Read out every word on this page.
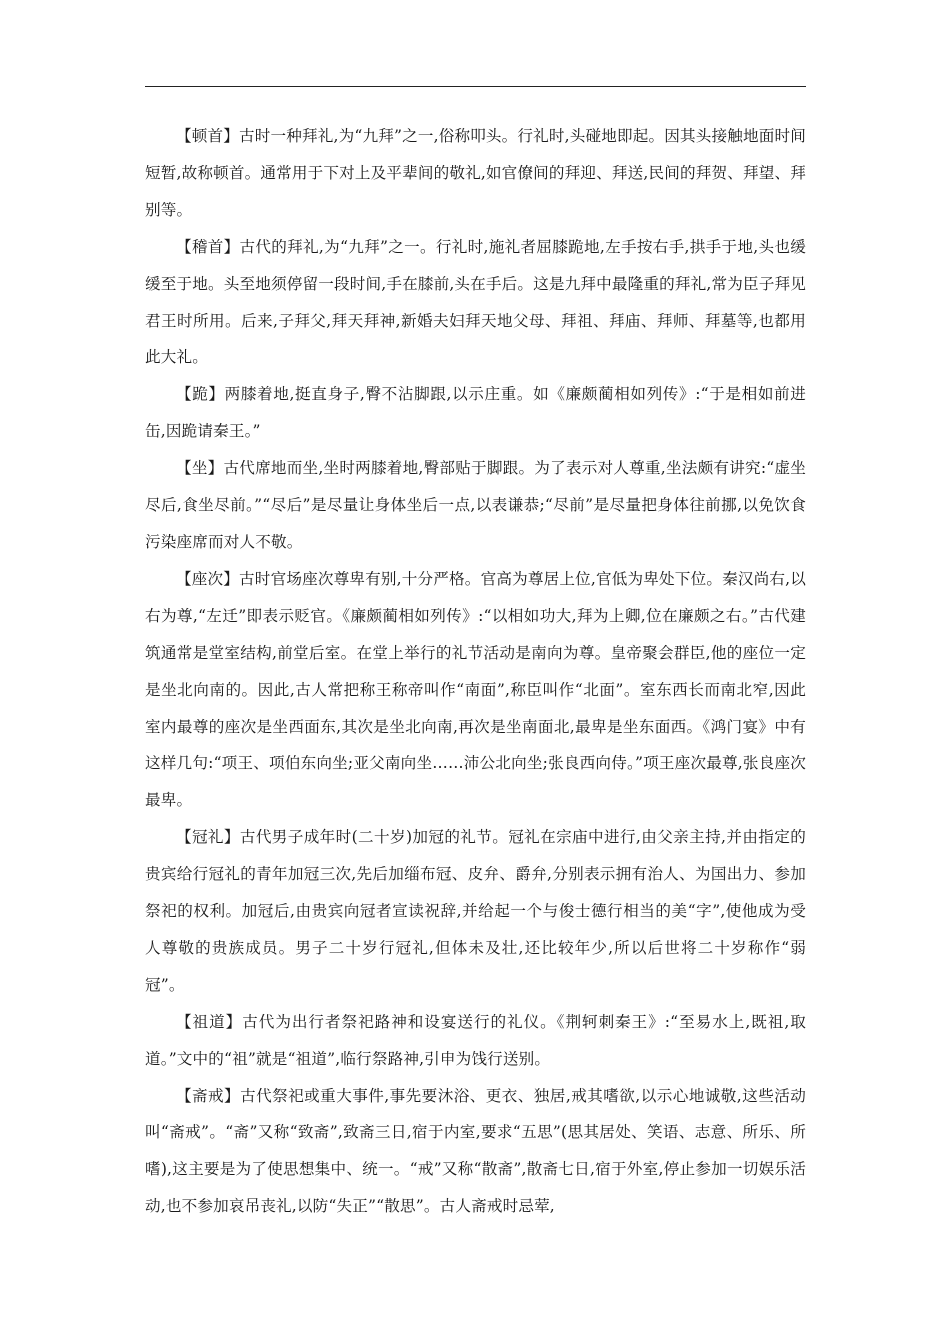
【顿首】古时一种拜礼,为“九拜”之一,俗称叩头。行礼时,头碰地即起。因其头接触地面时间短暂,故称顿首。通常用于下对上及平辈间的敬礼,如官僚间的拜迎、拜送,民间的拜贺、拜望、拜别等。

【稽首】古代的拜礼,为“九拜”之一。行礼时,施礼者屈膝跪地,左手按右手,拱手于地,头也缓缓至于地。头至地须停留一段时间,手在膝前,头在手后。这是九拜中最隆重的拜礼,常为臣子拜见君王时所用。后来,子拜父,拜天拜神,新婚夫妇拜天地父母、拜祖、拜庙、拜师、拜墓等,也都用此大礼。

【跪】两膝着地,挺直身子,臀不沾脚跟,以示庄重。如《廉颇蔺相如列传》:“于是相如前进缶,因跪请秦王。”

【坐】古代席地而坐,坐时两膝着地,臀部贴于脚跟。为了表示对人尊重,坐法颇有讲究:“虚坐尽后,食坐尽前。”“尽后”是尽量让身体坐后一点,以表谦恭;“尽前”是尽量把身体往前挪,以免饮食污染座席而对人不敬。

【座次】古时官场座次尊卑有别,十分严格。官高为尊居上位,官低为卑处下位。秦汉尚右,以右为尊,“左迁”即表示贬官。《廉颇蔺相如列传》:“以相如功大,拜为上卿,位在廉颇之右。”古代建筑通常是堂室结构,前堂后室。在堂上举行的礼节活动是南向为尊。皇帝聚会群臣,他的座位一定是坐北向南的。因此,古人常把称王称帝叫作“南面”,称臣叫作“北面”。室东西长而南北窄,因此室内最尊的座次是坐西面东,其次是坐北向南,再次是坐南面北,最卑是坐东面西。《鸿门宴》中有这样几句:“项王、项伯东向坐;亚父南向坐……沛公北向坐;张良西向侍。”项王座次最尊,张良座次最卑。

【冠礼】古代男子成年时(二十岁)加冠的礼节。冠礼在宗庙中进行,由父亲主持,并由指定的贵宾给行冠礼的青年加冠三次,先后加缁布冠、皮弁、爵弁,分别表示拥有治人、为国出力、参加祭祀的权利。加冠后,由贵宾向冠者宣读祝辞,并给起一个与俊士德行相当的美“字”,使他成为受人尊敬的贵族成员。男子二十岁行冠礼,但体未及壮,还比较年少,所以后世将二十岁称作“弱冠”。

【祖道】古代为出行者祭祀路神和设宴送行的礼仪。《荆轲刺秦王》:“至易水上,既祖,取道。”文中的“祖”就是“祖道”,临行祭路神,引申为饯行送别。

【斋戒】古代祭祀或重大事件,事先要沐浴、更衣、独居,戒其嗜欲,以示心地诚敬,这些活动叫“斋戒”。“斋”又称“致斋”,致斋三日,宿于内室,要求“五思”(思其居处、笑语、志意、所乐、所嗜),这主要是为了使思想集中、统一。“戒”又称“散斋”,散斋七日,宿于外室,停止参加一切娱乐活动,也不参加哀吊丧礼,以防“失正”“散思”。古人斋戒时忌荤,
